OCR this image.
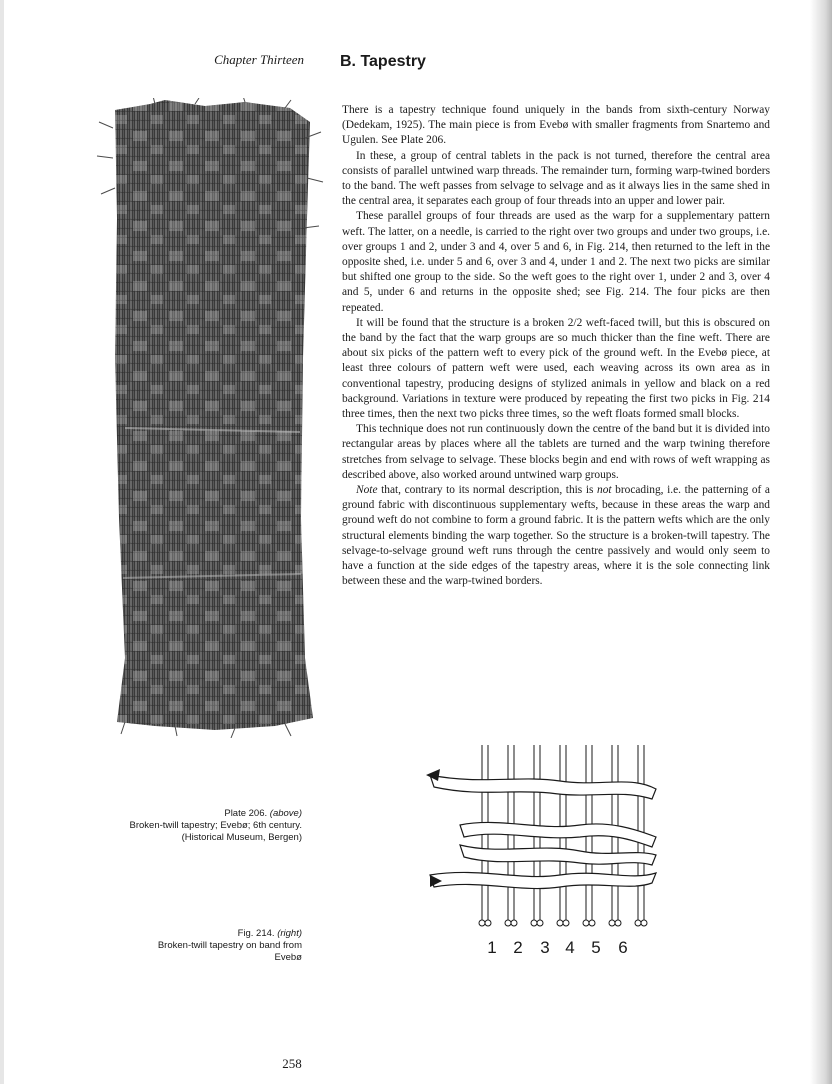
Chapter Thirteen B. Tapestry

There is a tapestry technique found uniquely in the bands from sixth-century Norway (Dedekam, 1925). The main piece is from Evebø with smaller fragments from Snartemo and Ugulen. See Plate 206.

In these, a group of central tablets in the pack is not turned, therefore the central area consists of parallel untwined warp threads. The remainder turn, forming warp-twined borders to the band. The weft passes from selvage to selvage and as it always lies in the same shed in the central area, it separates each group of four threads into an upper and lower pair.

These parallel groups of four threads are used as the warp for a supplementary pattern weft. The latter, on a needle, is carried to the right over two groups and under two groups, i.e. over groups 1 and 2, under 3 and 4, over 5 and 6, in Fig. 214, then returned to the left in the opposite shed, i.e. under 5 and 6, over 3 and 4, under 1 and 2. The next two picks are similar but shifted one group to the side. So the weft goes to the right over 1, under 2 and 3, over 4 and 5, under 6 and returns in the opposite shed; see Fig. 214. The four picks are then repeated.

It will be found that the structure is a broken 2/2 weft-faced twill, but this is obscured on the band by the fact that the warp groups are so much thicker than the fine weft. There are about six picks of the pattern weft to every pick of the ground weft. In the Evebø piece, at least three colours of pattern weft were used, each weaving across its own area as in conventional tapestry, producing designs of stylized animals in yellow and black on a red background. Variations in texture were produced by repeating the first two picks in Fig. 214 three times, then the next two picks three times, so the weft floats formed small blocks.

This technique does not run continuously down the centre of the band but it is divided into rectangular areas by places where all the tablets are turned and the warp twining therefore stretches from selvage to selvage. These blocks begin and end with rows of weft wrapping as described above, also worked around untwined warp groups.

Note that, contrary to its normal description, this is not brocading, i.e. the patterning of a ground fabric with discontinuous supplementary wefts, because in these areas the warp and ground weft do not combine to form a ground fabric. It is the pattern wefts which are the only structural elements binding the warp together. So the structure is a broken-twill tapestry. The selvage-to-selvage ground weft runs through the centre passively and would only seem to have a function at the side edges of the tapestry areas, where it is the sole connecting link between these and the warp-twined borders.

1 2	3 4 5	6
Plate 206. (above)
Broken-twill tapestry; Evebø; 6th century.
(Historical Museum, Bergen)
Fig. 214. (right)
Broken-twill tapestry on band from
Evebø
258
